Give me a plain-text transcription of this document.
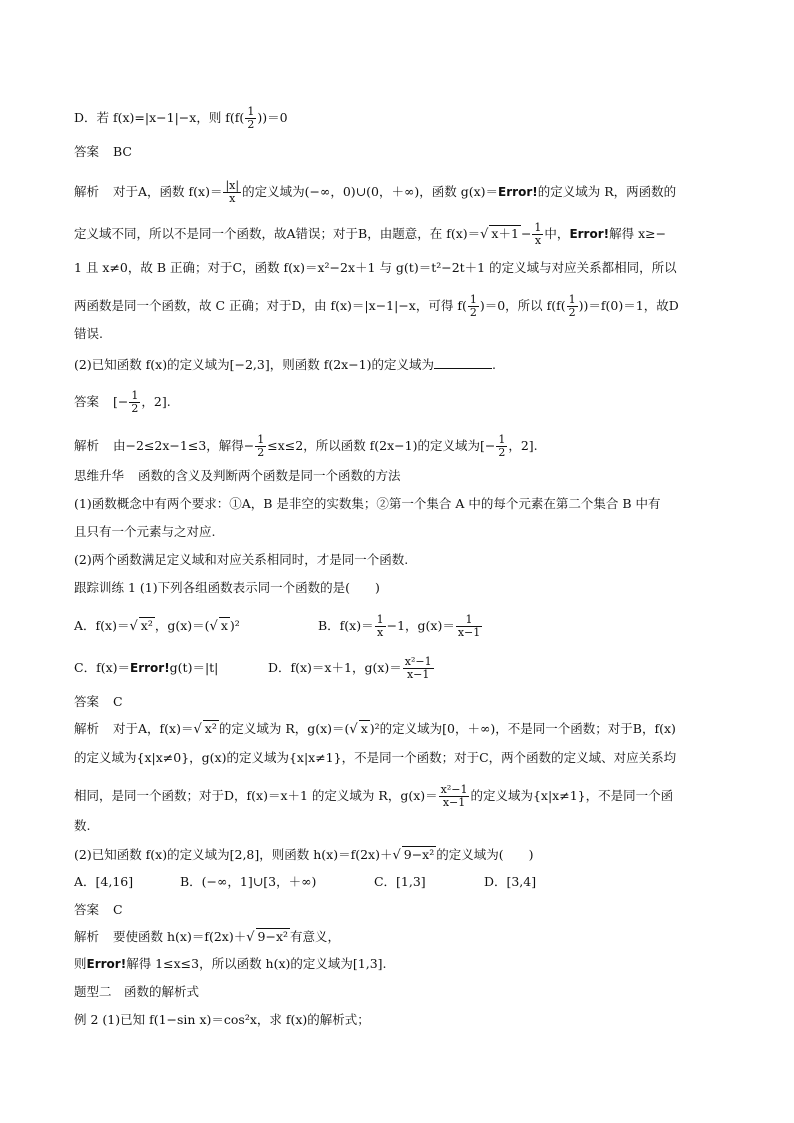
D．若 f(x)=|x−1|−x，则 $f(f( \frac{1}{2} ))=0$
答案 BC
解析 对于A，函数 $f(x)= \frac{|x|}{x}$ 的定义域为(−∞，0)∪(0，＋∞)，函数 g(x)＝Error!的定义域为 R，两函数的
定义域不同，所以不是同一个函数，故A错误；对于B，由题意，在 f(x)＝√ $x+1 - \frac{1}{x}$ 中，Error!解得 x≥−
1 且 x≠0，故 B 正确；对于C，函数 f(x)＝x²−2x＋1 与 g(t)＝t²−2t＋1 的定义域与对应关系都相同，所以
两函数是同一个函数，故 C 正确；对于D，由 f(x)＝|x−1|−x，可得 $f( \frac{1}{2} )=0$，所以 $f(f( \frac{1}{2} ))=f(0)=1$，故D
错误.
(2)已知函数 f(x)的定义域为[−2,3]，则函数 f(2x−1)的定义域为	.
答案 [− $\frac{1}{2}$ ，2].
解析 由−2≤2x−1≤3，解得− $\frac{1}{2} \le x\le 2$，所以函数 f(2x−1)的定义域为[− $\frac{1}{2}$ ，2].
思维升华 函数的含义及判断两个函数是同一个函数的方法
(1)函数概念中有两个要求：①A，B 是非空的实数集；②第一个集合 A 中的每个元素在第二个集合 B 中有
且只有一个元素与之对应.
(2)两个函数满足定义域和对应关系相同时，才是同一个函数.
跟踪训练 1 (1)下列各组函数表示同一个函数的是(　　)
A．f(x)＝√ x² ，g(x)＝(√ x )²	B．$f(x)= \frac{1}{x} -1$，$g(x)= \frac{1}{x-1}$
C．f(x)＝Error!g(t)＝|t|	D．f(x)＝x＋1，$g(x)= \frac{\text{x²−1}}{x-1}$
答案 C
解析 对于A，f(x)＝√ x² 的定义域为 R，g(x)＝(√ x )²的定义域为[0，＋∞)，不是同一个函数；对于B，f(x)
的定义域为{x|x≠0}，g(x)的定义域为{x|x≠1}，不是同一个函数；对于C，两个函数的定义域、对应关系均
相同，是同一个函数；对于D，f(x)＝x＋1 的定义域为 R，$g(x)= \frac{\text{x²−1}}{x-1}$ 的定义域为{x|x≠1}，不是同一个函
数.
(2)已知函数 f(x)的定义域为[2,8]，则函数 h(x)＝f(2x)＋√ 9−x² 的定义域为(　　)
A．[4,16]	B．(−∞，1]∪[3，＋∞)	C．[1,3]	D．[3,4]
答案 C
解析 要使函数 h(x)＝f(2x)＋√ 9−x² 有意义，
则Error!解得 1≤x≤3，所以函数 h(x)的定义域为[1,3].
题型二　函数的解析式
例 2 (1)已知 f(1−sin x)＝cos²x，求 f(x)的解析式；
